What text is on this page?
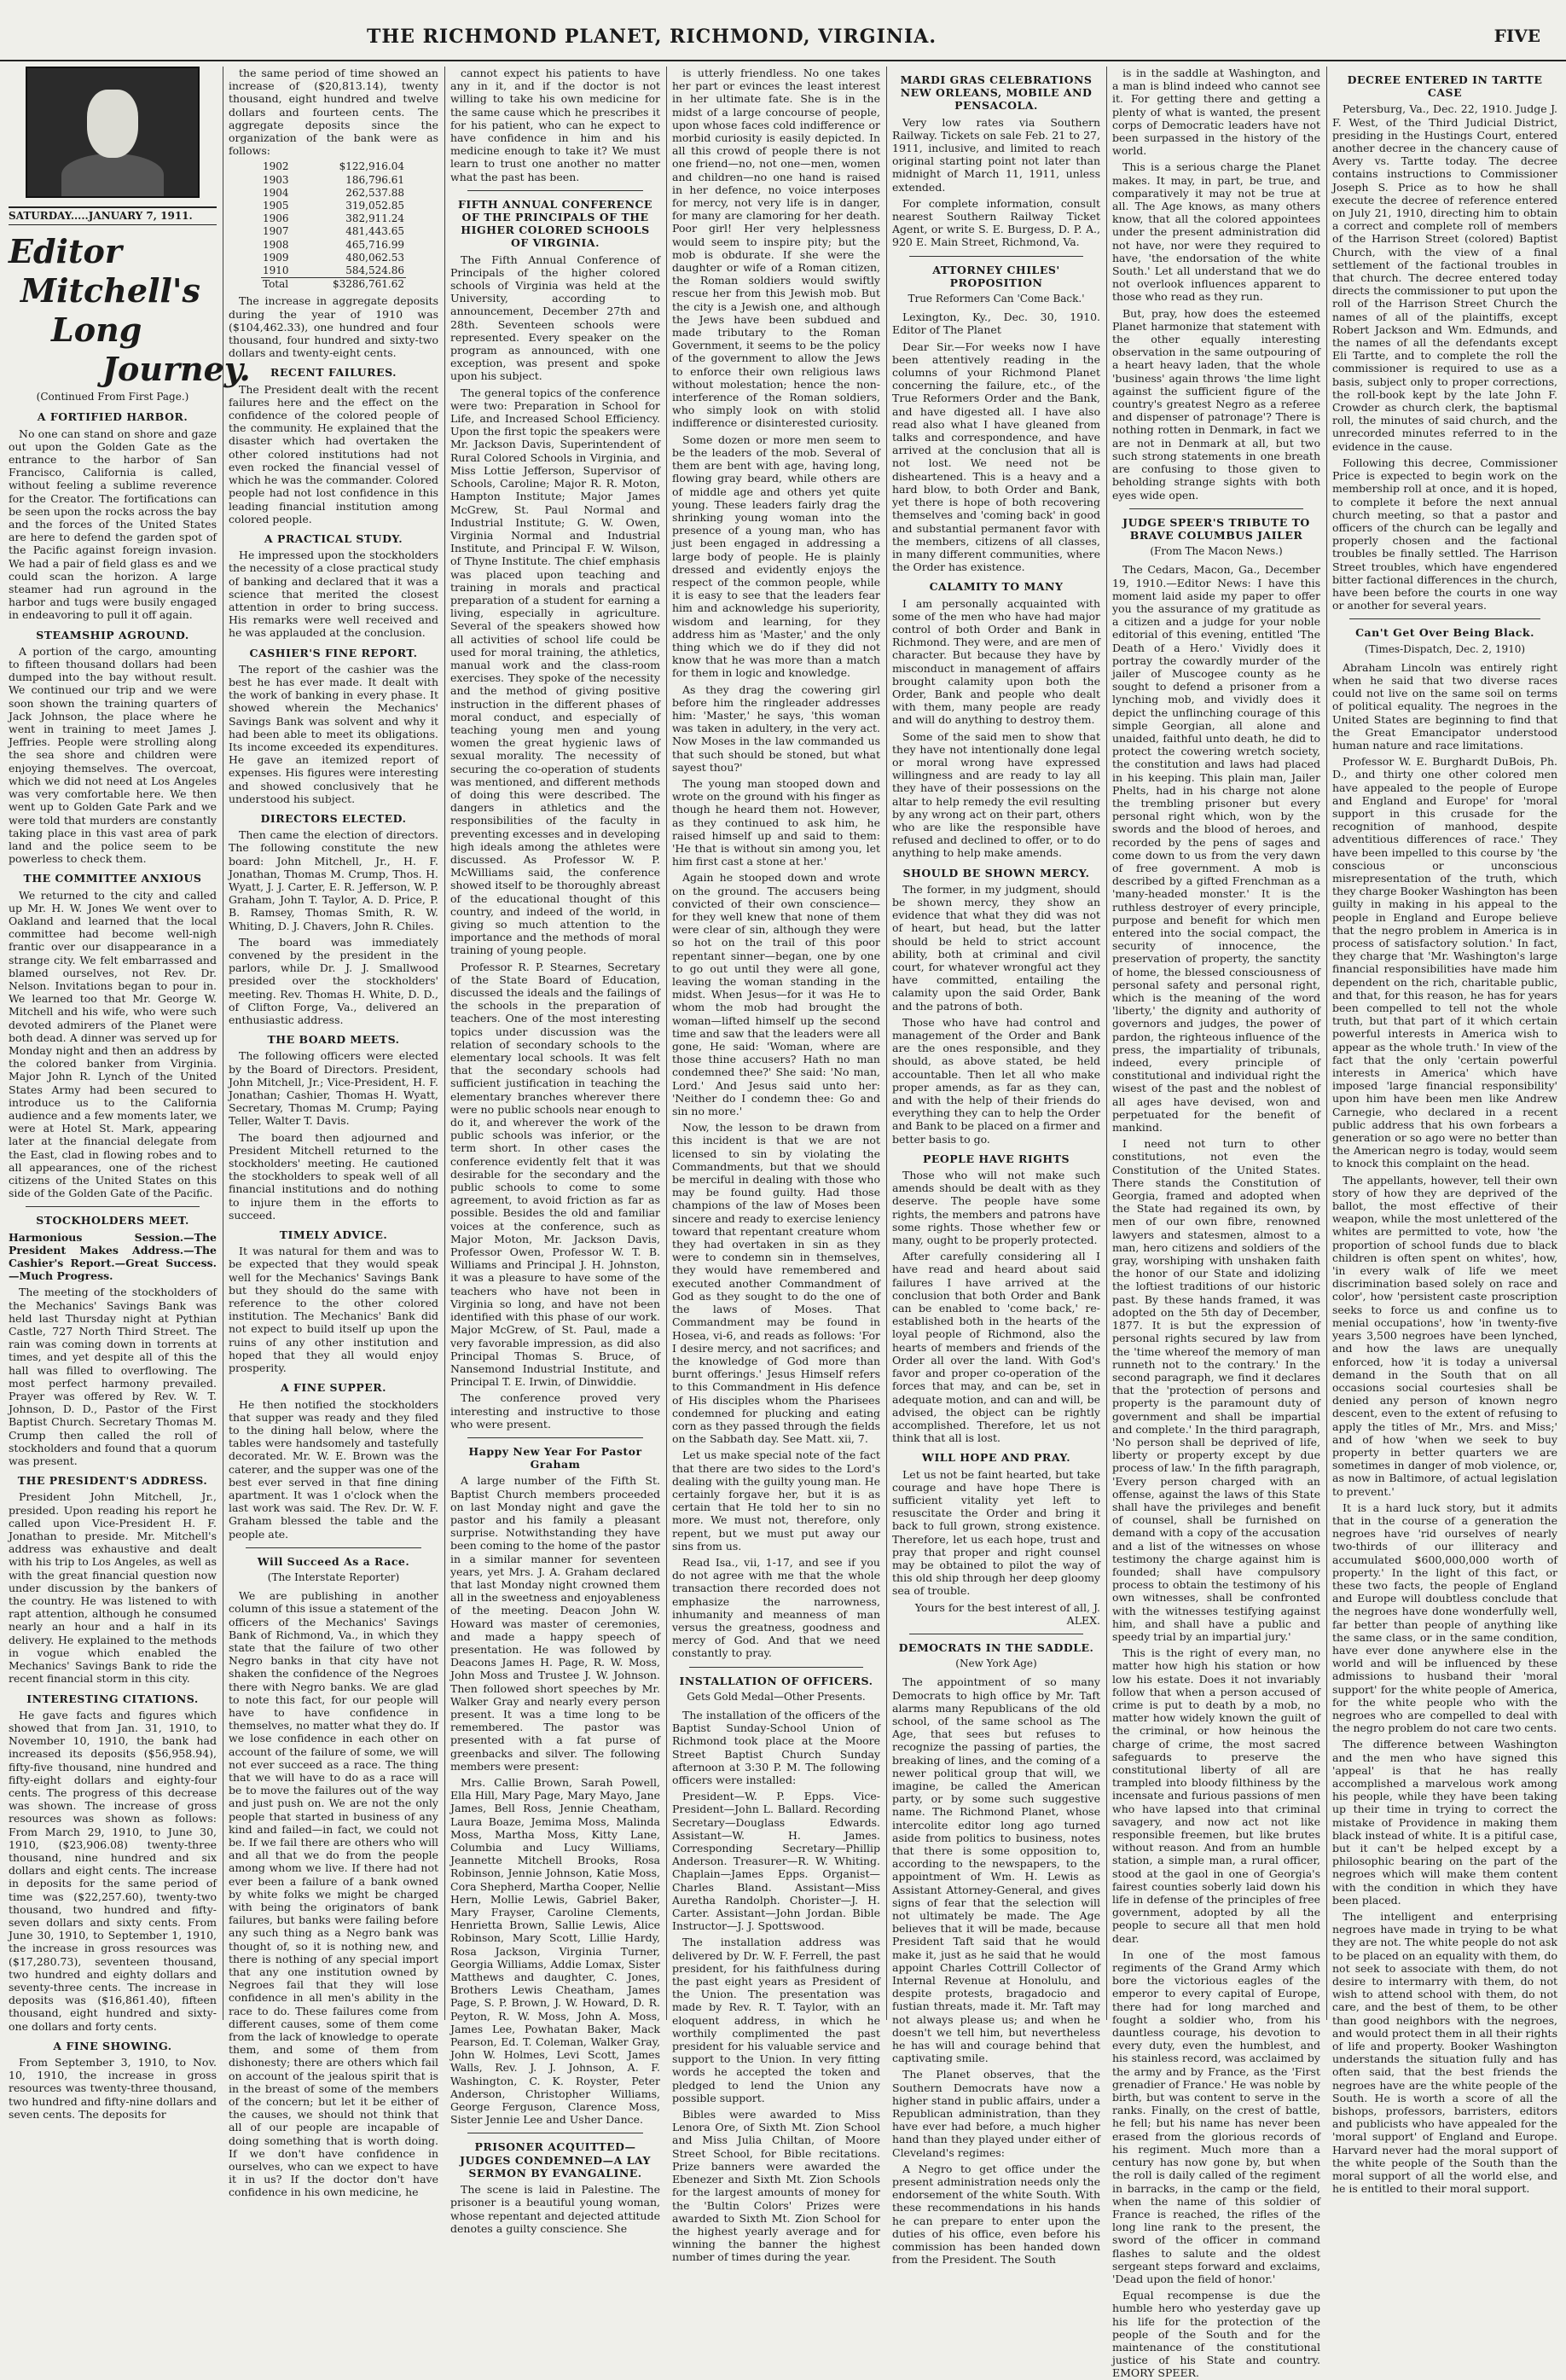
THE RICHMOND PLANET, RICHMOND, VIRGINIA.	FIVE
SATURDAY.....JANUARY 7, 1911.
Editor
Mitchell's
Long
Journey.
(Continued From First Page.)
A FORTIFIED HARBOR.

No one can stand on shore and gaze out upon the Golden Gate as the entrance to the harbor of San Francisco, California is called, without feeling a sublime reverence for the Creator. The fortifications can be seen upon the rocks across the bay and the forces of the United States are here to defend the garden spot of the Pacific against foreign invasion. We had a pair of field glass es and we could scan the horizon. A large steamer had run aground in the harbor and tugs were busily engaged in endeavoring to pull it off again.

STEAMSHIP AGROUND.

A portion of the cargo, amounting to fifteen thousand dollars had been dumped into the bay without result. We continued our trip and we were soon shown the training quarters of Jack Johnson, the place where he went in training to meet James J. Jeffries. People were strolling along the sea shore and children were enjoying themselves. The overcoat, which we did not need at Los Angeles was very comfortable here. We then went up to Golden Gate Park and we were told that murders are constantly taking place in this vast area of park land and the police seem to be powerless to check them.

THE COMMITTEE ANXIOUS

We returned to the city and called up Mr. H. W. Jones We went over to Oakland and learned that the local committee had become well-nigh frantic over our disappearance in a strange city. We felt embarrassed and blamed ourselves, not Rev. Dr. Nelson. Invitations began to pour in. We learned too that Mr. George W. Mitchell and his wife, who were such devoted admirers of the Planet were both dead. A dinner was served up for Monday night and then an address by the colored banker from Virginia. Major John R. Lynch of the United States Army had been secured to introduce us to the California audience and a few moments later, we were at Hotel St. Mark, appearing later at the financial delegate from the East, clad in flowing robes and to all appearances, one of the richest citizens of the United States on this side of the Golden Gate of the Pacific.

STOCKHOLDERS MEET.

Harmonious Session.—The President Makes Address.—The Cashier's Report.—Great Success.—Much Progress.

The meeting of the stockholders of the Mechanics' Savings Bank was held last Thursday night at Pythian Castle, 727 North Third Street. The rain was coming down in torrents at times, and yet despite all of this the hall was filled to overflowing. The most perfect harmony prevailed. Prayer was offered by Rev. W. T. Johnson, D. D., Pastor of the First Baptist Church. Secretary Thomas M. Crump then called the roll of stockholders and found that a quorum was present.

THE PRESIDENT'S ADDRESS.

President John Mitchell, Jr., presided. Upon reading his report he called upon Vice-President H. F. Jonathan to preside. Mr. Mitchell's address was exhaustive and dealt with his trip to Los Angeles, as well as with the great financial question now under discussion by the bankers of the country. He was listened to with rapt attention, although he consumed nearly an hour and a half in its delivery. He explained to the methods in vogue which enabled the Mechanics' Savings Bank to ride the recent financial storm in this city.

INTERESTING CITATIONS.

He gave facts and figures which showed that from Jan. 31, 1910, to November 10, 1910, the bank had increased its deposits ($56,958.94), fifty-five thousand, nine hundred and fifty-eight dollars and eighty-four cents. The progress of this decrease was shown. The increase of gross resources was shown as follows: From March 29, 1910, to June 30, 1910, ($23,906.08) twenty-three thousand, nine hundred and six dollars and eight cents. The increase in deposits for the same period of time was ($22,257.60), twenty-two thousand, two hundred and fifty-seven dollars and sixty cents. From June 30, 1910, to September 1, 1910, the increase in gross resources was ($17,280.73), seventeen thousand, two hundred and eighty dollars and seventy-three cents. The increase in deposits was ($16,861.40), fifteen thousand, eight hundred and sixty-one dollars and forty cents.

A FINE SHOWING.

From September 3, 1910, to Nov. 10, 1910, the increase in gross resources was twenty-three thousand, two hundred and fifty-nine dollars and seven cents. The deposits for

the same period of time showed an increase of ($20,813.14), twenty thousand, eight hundred and twelve dollars and fourteen cents. The aggregate deposits since the organization of the bank were as follows:

1902	$122,916.04
1903	186,796.61
1904	262,537.88
1905	319,052.85
1906	382,911.24
1907	481,443.65
1908	465,716.99
1909	480,062.53
1910	584,524.86
Total	$3286,761.62

The increase in aggregate deposits during the year of 1910 was ($104,462.33), one hundred and four thousand, four hundred and sixty-two dollars and twenty-eight cents.

RECENT FAILURES.

The President dealt with the recent failures here and the effect on the confidence of the colored people of the community. He explained that the disaster which had overtaken the other colored institutions had not even rocked the financial vessel of which he was the commander. Colored people had not lost confidence in this leading financial institution among colored people.

A PRACTICAL STUDY.

He impressed upon the stockholders the necessity of a close practical study of banking and declared that it was a science that merited the closest attention in order to bring success. His remarks were well received and he was applauded at the conclusion.

CASHIER'S FINE REPORT.

The report of the cashier was the best he has ever made. It dealt with the work of banking in every phase. It showed wherein the Mechanics' Savings Bank was solvent and why it had been able to meet its obligations. Its income exceeded its expenditures. He gave an itemized report of expenses. His figures were interesting and showed conclusively that he understood his subject.

DIRECTORS ELECTED.

Then came the election of directors. The following constitute the new board: John Mitchell, Jr., H. F. Jonathan, Thomas M. Crump, Thos. H. Wyatt, J. J. Carter, E. R. Jefferson, W. P. Graham, John T. Taylor, A. D. Price, P. B. Ramsey, Thomas Smith, R. W. Whiting, D. J. Chavers, John R. Chiles.

The board was immediately convened by the president in the parlors, while Dr. J. J. Smallwood presided over the stockholders' meeting. Rev. Thomas H. White, D. D., of Clifton Forge, Va., delivered an enthusiastic address.

THE BOARD MEETS.

The following officers were elected by the Board of Directors. President, John Mitchell, Jr.; Vice-President, H. F. Jonathan; Cashier, Thomas H. Wyatt, Secretary, Thomas M. Crump; Paying Teller, Walter T. Davis.

The board then adjourned and President Mitchell returned to the stockholders' meeting. He cautioned the stockholders to speak well of all financial institutions and do nothing to injure them in the efforts to succeed.

TIMELY ADVICE.

It was natural for them and was to be expected that they would speak well for the Mechanics' Savings Bank but they should do the same with reference to the other colored institution. The Mechanics' Bank did not expect to build itself up upon the ruins of any other institution and hoped that they all would enjoy prosperity.

A FINE SUPPER.

He then notified the stockholders that supper was ready and they filed to the dining hall below, where the tables were handsomely and tastefully decorated. Mr. W. E. Brown was the caterer, and the supper was one of the best ever served in that fine dining apartment. It was 1 o'clock when the last work was said. The Rev. Dr. W. F. Graham blessed the table and the people ate.

Will Succeed As a Race.
(The Interstate Reporter)

We are publishing in another column of this issue a statement of the officers of the Mechanics' Savings Bank of Richmond, Va., in which they state that the failure of two other Negro banks in that city have not shaken the confidence of the Negroes there with Negro banks. We are glad to note this fact, for our people will have to have confidence in themselves, no matter what they do. If we lose confidence in each other on account of the failure of some, we will not ever succeed as a race. The thing that we will have to do as a race will be to move the failures out of the way and just push on. We are not the only people that started in business of any kind and failed—in fact, we could not be. If we fail there are others who will and all that we do from the people among whom we live. If there had not ever been a failure of a bank owned by white folks we might be charged with being the originators of bank failures, but banks were failing before any such thing as a Negro bank was thought of, so it is nothing new, and there is nothing of any special import that any one institution owned by Negroes fail that they will lose confidence in all men's ability in the race to do. These failures come from different causes, some of them come from the lack of knowledge to operate them, and some of them from dishonesty; there are others which fail on account of the jealous spirit that is in the breast of some of the members of the concern; but let it be either of the causes, we should not think that all of our people are incapable of doing something that is worth doing. If we don't have confidence in ourselves, who can we expect to have it in us? If the doctor don't have confidence in his own medicine, he

cannot expect his patients to have any in it, and if the doctor is not willing to take his own medicine for the same cause which he prescribes it for his patient, who can he expect to have confidence in him and his medicine enough to take it? We must learn to trust one another no matter what the past has been.

FIFTH ANNUAL CONFERENCE OF THE PRINCIPALS OF THE HIGHER COLORED SCHOOLS OF VIRGINIA.

The Fifth Annual Conference of Principals of the higher colored schools of Virginia was held at the University, according to announcement, December 27th and 28th. Seventeen schools were represented. Every speaker on the program as announced, with one exception, was present and spoke upon his subject.

The general topics of the conference were two: Preparation in School for Life, and Increased School Efficiency. Upon the first topic the speakers were Mr. Jackson Davis, Superintendent of Rural Colored Schools in Virginia, and Miss Lottie Jefferson, Supervisor of Schools, Caroline; Major R. R. Moton, Hampton Institute; Major James McGrew, St. Paul Normal and Industrial Institute; G. W. Owen, Virginia Normal and Industrial Institute, and Principal F. W. Wilson, of Thyne Institute. The chief emphasis was placed upon teaching and training in morals and practical preparation of a student for earning a living, especially in agriculture. Several of the speakers showed how all activities of school life could be used for moral training, the athletics, manual work and the class-room exercises. They spoke of the necessity and the method of giving positive instruction in the different phases of moral conduct, and especially of teaching young men and young women the great hygienic laws of sexual morality. The necessity of securing the co-operation of students was mentioned, and different methods of doing this were described. The dangers in athletics and the responsibilities of the faculty in preventing excesses and in developing high ideals among the athletes were discussed. As Professor W. P. McWilliams said, the conference showed itself to be thoroughly abreast of the educational thought of this country, and indeed of the world, in giving so much attention to the importance and the methods of moral training of young people.

Professor R. P. Stearnes, Secretary of the State Board of Education, discussed the ideals and the failings of the schools in the preparation of teachers. One of the most interesting topics under discussion was the relation of secondary schools to the elementary local schools. It was felt that the secondary schools had sufficient justification in teaching the elementary branches wherever there were no public schools near enough to do it, and wherever the work of the public schools was inferior, or the term short. In other cases the conference evidently felt that it was desirable for the secondary and the public schools to come to some agreement, to avoid friction as far as possible. Besides the old and familiar voices at the conference, such as Major Moton, Mr. Jackson Davis, Professor Owen, Professor W. T. B. Williams and Principal J. H. Johnston, it was a pleasure to have some of the teachers who have not been in Virginia so long, and have not been identified with this phase of our work. Major McGrew, of St. Paul, made a very favorable impression, as did also Principal Thomas S. Bruce, of Nansemond Industrial Institute, and Principal T. E. Irwin, of Dinwiddie.

The conference proved very interesting and instructive to those who were present.

Happy New Year For Pastor Graham

A large number of the Fifth St. Baptist Church members proceeded on last Monday night and gave the pastor and his family a pleasant surprise. Notwithstanding they have been coming to the home of the pastor in a similar manner for seventeen years, yet Mrs. J. A. Graham declared that last Monday night crowned them all in the sweetness and enjoyableness of the meeting. Deacon John W. Howard was master of ceremonies, and made a happy speech of presentation. He was followed by Deacons James H. Page, R. W. Moss, John Moss and Trustee J. W. Johnson. Then followed short speeches by Mr. Walker Gray and nearly every person present. It was a time long to be remembered. The pastor was presented with a fat purse of greenbacks and silver. The following members were present:

Mrs. Callie Brown, Sarah Powell, Ella Hill, Mary Page, Mary Mayo, Jane James, Bell Ross, Jennie Cheatham, Laura Boaze, Jemima Moss, Malinda Moss, Martha Moss, Kitty Lane, Columbia and Lucy Williams, Jeannette Mitchell Brooks, Rosa Robinson, Jennie Johnson, Katie Moss, Cora Shepherd, Martha Cooper, Nellie Hern, Mollie Lewis, Gabriel Baker, Mary Frayser, Caroline Clements, Henrietta Brown, Sallie Lewis, Alice Robinson, Mary Scott, Lillie Hardy, Rosa Jackson, Virginia Turner, Georgia Williams, Addie Lomax, Sister Matthews and daughter, C. Jones, Brothers Lewis Cheatham, James Page, S. P. Brown, J. W. Howard, D. R. Peyton, R. W. Moss, John A. Moss, James Lee, Powhatan Baker, Mack Pearson, Ed. T. Coleman, Walker Gray, John W. Holmes, Levi Scott, James Walls, Rev. J. J. Johnson, A. F. Washington, C. K. Royster, Peter Anderson, Christopher Williams, George Ferguson, Clarence Moss, Sister Jennie Lee and Usher Dance.

PRISONER ACQUITTED—JUDGES CONDEMNED—A LAY SERMON BY EVANGALINE.

The scene is laid in Palestine. The prisoner is a beautiful young woman, whose repentant and dejected attitude denotes a guilty conscience. She

is utterly friendless. No one takes her part or evinces the least interest in her ultimate fate. She is in the midst of a large concourse of people, upon whose faces cold indifference or morbid curiosity is easily depicted. In all this crowd of people there is not one friend—no, not one—men, women and children—no one hand is raised in her defence, no voice interposes for mercy, not very life is in danger, for many are clamoring for her death. Poor girl! Her very helplessness would seem to inspire pity; but the mob is obdurate. If she were the daughter or wife of a Roman citizen, the Roman soldiers would swiftly rescue her from this Jewish mob. But the city is a Jewish one, and although the Jews have been subdued and made tributary to the Roman Government, it seems to be the policy of the government to allow the Jews to enforce their own religious laws without molestation; hence the non-interference of the Roman soldiers, who simply look on with stolid indifference or disinterested curiosity.

Some dozen or more men seem to be the leaders of the mob. Several of them are bent with age, having long, flowing gray beard, while others are of middle age and others yet quite young. These leaders fairly drag the shrinking young woman into the presence of a young man, who has just been engaged in addressing a large body of people. He is plainly dressed and evidently enjoys the respect of the common people, while it is easy to see that the leaders fear him and acknowledge his superiority, wisdom and learning, for they address him as 'Master,' and the only thing which we do if they did not know that he was more than a match for them in logic and knowledge.

As they drag the cowering girl before him the ringleader addresses him: 'Master,' he says, 'this woman was taken in adultery, in the very act. Now Moses in the law commanded us that such should be stoned, but what sayest thou?'

The young man stooped down and wrote on the ground with his finger as though he heard them not. However, as they continued to ask him, he raised himself up and said to them: 'He that is without sin among you, let him first cast a stone at her.'

Again he stooped down and wrote on the ground. The accusers being convicted of their own conscience—for they well knew that none of them were clear of sin, although they were so hot on the trail of this poor repentant sinner—began, one by one to go out until they were all gone, leaving the woman standing in the midst. When Jesus—for it was He to whom the mob had brought the woman—lifted himself up the second time and saw that the leaders were all gone, He said: 'Woman, where are those thine accusers? Hath no man condemned thee?' She said: 'No man, Lord.' And Jesus said unto her: 'Neither do I condemn thee: Go and sin no more.'

Now, the lesson to be drawn from this incident is that we are not licensed to sin by violating the Commandments, but that we should be merciful in dealing with those who may be found guilty. Had those champions of the law of Moses been sincere and ready to exercise leniency toward that repentant creature whom they had overtaken in sin as they were to condemn sin in themselves, they would have remembered and executed another Commandment of God as they sought to do the one of the laws of Moses. That Commandment may be found in Hosea, vi-6, and reads as follows: 'For I desire mercy, and not sacrifices; and the knowledge of God more than burnt offerings.' Jesus Himself refers to this Commandment in His defence of His disciples whom the Pharisees condemned for plucking and eating corn as they passed through the fields on the Sabbath day. See Matt. xii, 7.

Let us make special note of the fact that there are two sides to the Lord's dealing with the guilty young man. He certainly forgave her, but it is as certain that He told her to sin no more. We must not, therefore, only repent, but we must put away our sins from us.

Read Isa., vii, 1-17, and see if you do not agree with me that the whole transaction there recorded does not emphasize the narrowness, inhumanity and meanness of man versus the greatness, goodness and mercy of God. And that we need constantly to pray.

INSTALLATION OF OFFICERS.
Gets Gold Medal—Other Presents.

The installation of the officers of the Baptist Sunday-School Union of Richmond took place at the Moore Street Baptist Church Sunday afternoon at 3:30 P. M. The following officers were installed:

President—W. P. Epps. Vice-President—John L. Ballard. Recording Secretary—Douglass Edwards. Assistant—W. H. James. Corresponding Secretary—Phillip Anderson. Treasurer—R. W. Whiting. Chaplain—James Epps. Organist—Charles Bland. Assistant—Miss Auretha Randolph. Chorister—J. H. Carter. Assistant—John Jordan. Bible Instructor—J. J. Spottswood.

The installation address was delivered by Dr. W. F. Ferrell, the past president, for his faithfulness during the past eight years as President of the Union. The presentation was made by Rev. R. T. Taylor, with an eloquent address, in which he worthily complimented the past president for his valuable service and support to the Union. In very fitting words he accepted the token and pledged to lend the Union any possible support.

Bibles were awarded to Miss Lenora Ore, of Sixth Mt. Zion School and Miss Julia Chiltan, of Moore Street School, for Bible recitations. Prize banners were awarded the Ebenezer and Sixth Mt. Zion Schools for the largest amounts of money for the 'Bultin Colors' Prizes were awarded to Sixth Mt. Zion School for the highest yearly average and for winning the banner the highest number of times during the year.

MARDI GRAS CELEBRATIONS NEW ORLEANS, MOBILE AND PENSACOLA.

Very low rates via Southern Railway. Tickets on sale Feb. 21 to 27, 1911, inclusive, and limited to reach original starting point not later than midnight of March 11, 1911, unless extended.

For complete information, consult nearest Southern Railway Ticket Agent, or write S. E. Burgess, D. P. A., 920 E. Main Street, Richmond, Va.

ATTORNEY CHILES' PROPOSITION
True Reformers Can 'Come Back.'

Lexington, Ky., Dec. 30, 1910. Editor of The Planet

Dear Sir.—For weeks now I have been attentively reading in the columns of your Richmond Planet concerning the failure, etc., of the True Reformers Order and the Bank, and have digested all. I have also read also what I have gleaned from talks and correspondence, and have arrived at the conclusion that all is not lost. We need not be disheartened. This is a heavy and a hard blow, to both Order and Bank, yet there is hope of both recovering themselves and 'coming back' in good and substantial permanent favor with the members, citizens of all classes, in many different communities, where the Order has existence.

CALAMITY TO MANY

I am personally acquainted with some of the men who have had major control of both Order and Bank in Richmond. They were, and are men of character. But because they have by misconduct in management of affairs brought calamity upon both the Order, Bank and people who dealt with them, many people are ready and will do anything to destroy them.

Some of the said men to show that they have not intentionally done legal or moral wrong have expressed willingness and are ready to lay all they have of their possessions on the altar to help remedy the evil resulting by any wrong act on their part, others who are like the responsible have refused and declined to offer, or to do anything to help make amends.

SHOULD BE SHOWN MERCY.

The former, in my judgment, should be shown mercy, they show an evidence that what they did was not of heart, but head, but the latter should be held to strict account ability, both at criminal and civil court, for whatever wrongful act they have committed, entailing the calamity upon the said Order, Bank and the patrons of both.

Those who have had control and management of the Order and Bank are the ones responsible, and they should, as above stated, be held accountable. Then let all who make proper amends, as far as they can, and with the help of their friends do everything they can to help the Order and Bank to be placed on a firmer and better basis to go.

PEOPLE HAVE RIGHTS

Those who will not make such amends should be dealt with as they deserve. The people have some rights, the members and patrons have some rights. Those whether few or many, ought to be properly protected.

After carefully considering all I have read and heard about said failures I have arrived at the conclusion that both Order and Bank can be enabled to 'come back,' re-established both in the hearts of the loyal people of Richmond, also the hearts of members and friends of the Order all over the land. With God's favor and proper co-operation of the forces that may, and can be, set in adequate motion, and can and will, be advised, the object can be rightly accomplished. Therefore, let us not think that all is lost.

WILL HOPE AND PRAY.

Let us not be faint hearted, but take courage and have hope There is sufficient vitality yet left to resuscitate the Order and bring it back to full grown, strong existence. Therefore, let us each hope, trust and pray that proper and right counsel may be obtained to pilot the way of this old ship through her deep gloomy sea of trouble.

Yours for the best interest of all, J. ALEX.

DEMOCRATS IN THE SADDLE.
(New York Age)

The appointment of so many Democrats to high office by Mr. Taft alarms many Republicans of the old school, of the same school as The Age, that sees but refuses to recognize the passing of parties, the breaking of lines, and the coming of a newer political group that will, we imagine, be called the American party, or by some such suggestive name. The Richmond Planet, whose intercolite editor long ago turned aside from politics to business, notes that there is some opposition to, according to the newspapers, to the appointment of Wm. H. Lewis as Assistant Attorney-General, and gives signs of fear that the selection will not ultimately be made. The Age believes that it will be made, because President Taft said that he would make it, just as he said that he would appoint Charles Cottrill Collector of Internal Revenue at Honolulu, and despite protests, bragadocio and fustian threats, made it. Mr. Taft may not always please us; and when he doesn't we tell him, but nevertheless he has will and courage behind that captivating smile.

The Planet observes, that the Southern Democrats have now a higher stand in public affairs, under a Republican administration, than they have ever had before, a much higher hand than they played under either of Cleveland's regimes:

A Negro to get office under the present administration needs only the endorsement of the white South. With these recommendations in his hands he can prepare to enter upon the duties of his office, even before his commission has been handed down from the President. The South

is in the saddle at Washington, and a man is blind indeed who cannot see it. For getting there and getting a plenty of what is wanted, the present corps of Democratic leaders have not been surpassed in the history of the world.

This is a serious charge the Planet makes. It may, in part, be true, and comparatively it may not be true at all. The Age knows, as many others know, that all the colored appointees under the present administration did not have, nor were they required to have, 'the endorsation of the white South.' Let all understand that we do not overlook influences apparent to those who read as they run.

But, pray, how does the esteemed Planet harmonize that statement with the other equally interesting observation in the same outpouring of a heart heavy laden, that the whole 'business' again throws 'the lime light against the sufficient figure of the country's greatest Negro as a referee and dispenser of patronage'? There is nothing rotten in Denmark, in fact we are not in Denmark at all, but two such strong statements in one breath are confusing to those given to beholding strange sights with both eyes wide open.

JUDGE SPEER'S TRIBUTE TO BRAVE COLUMBUS JAILER
(From The Macon News.)

The Cedars, Macon, Ga., December 19, 1910.—Editor News: I have this moment laid aside my paper to offer you the assurance of my gratitude as a citizen and a judge for your noble editorial of this evening, entitled 'The Death of a Hero.' Vividly does it portray the cowardly murder of the jailer of Muscogee county as he sought to defend a prisoner from a lynching mob, and vividly does it depict the unflinching courage of this simple Georgian, all alone and unaided, faithful unto death, he did to protect the cowering wretch society, the constitution and laws had placed in his keeping. This plain man, Jailer Phelts, had in his charge not alone the trembling prisoner but every personal right which, won by the swords and the blood of heroes, and recorded by the pens of sages and come down to us from the very dawn of free government. A mob is described by a gifted Frenchman as a 'many-headed monster.' It is the ruthless destroyer of every principle, purpose and benefit for which men entered into the social compact, the security of innocence, the preservation of property, the sanctity of home, the blessed consciousness of personal safety and personal right, which is the meaning of the word 'liberty,' the dignity and authority of governors and judges, the power of pardon, the righteous influence of the press, the impartiality of tribunals, indeed, every principle of constitutional and individual right the wisest of the past and the noblest of all ages have devised, won and perpetuated for the benefit of mankind.

I need not turn to other constitutions, not even the Constitution of the United States. There stands the Constitution of Georgia, framed and adopted when the State had regained its own, by men of our own fibre, renowned lawyers and statesmen, almost to a man, hero citizens and soldiers of the gray, worshiping with unshaken faith the honor of our State and idolizing the loftiest traditions of our historic past. By these hands framed, it was adopted on the 5th day of December, 1877. It is but the expression of personal rights secured by law from the 'time whereof the memory of man runneth not to the contrary.' In the second paragraph, we find it declares that the 'protection of persons and property is the paramount duty of government and shall be impartial and complete.' In the third paragraph, 'No person shall be deprived of life, liberty or property except by due process of law.' In the fifth paragraph, 'Every person charged with an offense, against the laws of this State shall have the privileges and benefit of counsel, shall be furnished on demand with a copy of the accusation and a list of the witnesses on whose testimony the charge against him is founded; shall have compulsory process to obtain the testimony of his own witnesses, shall be confronted with the witnesses testifying against him, and shall have a public and speedy trial by an impartial jury.'

This is the right of every man, no matter how high his station or how low his estate. Does it not invariably follow that when a person accused of crime is put to death by a mob, no matter how widely known the guilt of the criminal, or how heinous the charge of crime, the most sacred safeguards to preserve the constitutional liberty of all are trampled into bloody filthiness by the incensate and furious passions of men who have lapsed into that criminal savagery, and now act not like responsible freemen, but like brutes without reason. And from an humble station, a simple man, a rural officer, stood at the gaol in one of Georgia's fairest counties soberly laid down his life in defense of the principles of free government, adopted by all the people to secure all that men hold dear.

In one of the most famous regiments of the Grand Army which bore the victorious eagles of the emperor to every capital of Europe, there had for long marched and fought a soldier who, from his dauntless courage, his devotion to every duty, even the humblest, and his stainless record, was acclaimed by the army and by France, as the 'First grenadier of France.' He was noble by birth, but was content to serve in the ranks. Finally, on the crest of battle, he fell; but his name has never been erased from the glorious records of his regiment. Much more than a century has now gone by, but when the roll is daily called of the regiment in barracks, in the camp or the field, when the name of this soldier of France is reached, the rifles of the long line rank to the present, the sword of the officer in command flashes to salute and the oldest sergeant steps forward and exclaims, 'Dead upon the field of honor.'

Equal recompense is due the humble hero who yesterday gave up his life for the protection of the people of the South and for the maintenance of the constitutional justice of his State and country. EMORY SPEER.

DECREE ENTERED IN TARTTE CASE

Petersburg, Va., Dec. 22, 1910. Judge J. F. West, of the Third Judicial District, presiding in the Hustings Court, entered another decree in the chancery cause of Avery vs. Tartte today. The decree contains instructions to Commissioner Joseph S. Price as to how he shall execute the decree of reference entered on July 21, 1910, directing him to obtain a correct and complete roll of members of the Harrison Street (colored) Baptist Church, with the view of a final settlement of the factional troubles in that church. The decree entered today directs the commissioner to put upon the roll of the Harrison Street Church the names of all of the plaintiffs, except Robert Jackson and Wm. Edmunds, and the names of all the defendants except Eli Tartte, and to complete the roll the commissioner is required to use as a basis, subject only to proper corrections, the roll-book kept by the late John F. Crowder as church clerk, the baptismal roll, the minutes of said church, and the unrecorded minutes referred to in the evidence in the cause.

Following this decree, Commissioner Price is expected to begin work on the membership roll at once, and it is hoped, to complete it before the next annual church meeting, so that a pastor and officers of the church can be legally and properly chosen and the factional troubles be finally settled. The Harrison Street troubles, which have engendered bitter factional differences in the church, have been before the courts in one way or another for several years.

Can't Get Over Being Black.
(Times-Dispatch, Dec. 2, 1910)

Abraham Lincoln was entirely right when he said that two diverse races could not live on the same soil on terms of political equality. The negroes in the United States are beginning to find that the Great Emancipator understood human nature and race limitations.

Professor W. E. Burghardt DuBois, Ph. D., and thirty one other colored men have appealed to the people of Europe and England and Europe' for 'moral support in this crusade for the recognition of manhood, despite adventitious differences of race.' They have been impelled to this course by 'the conscious or unconscious misrepresentation of the truth, which they charge Booker Washington has been guilty in making in his appeal to the people in England and Europe believe that the negro problem in America is in process of satisfactory solution.' In fact, they charge that 'Mr. Washington's large financial responsibilities have made him dependent on the rich, charitable public, and that, for this reason, he has for years been compelled to tell not the whole truth, but that part of it which certain powerful interests in America wish to appear as the whole truth.' In view of the fact that the only 'certain powerful interests in America' which have imposed 'large financial responsibility' upon him have been men like Andrew Carnegie, who declared in a recent public address that his own forbears a generation or so ago were no better than the American negro is today, would seem to knock this complaint on the head.

The appellants, however, tell their own story of how they are deprived of the ballot, the most effective of their weapon, while the most unlettered of the whites are permitted to vote, how 'the proportion of school funds due to black children is often spent on whites', how, 'in every walk of life we meet discrimination based solely on race and color', how 'persistent caste proscription seeks to force us and confine us to menial occupations', how 'in twenty-five years 3,500 negroes have been lynched, and how the laws are unequally enforced, how 'it is today a universal demand in the South that on all occasions social courtesies shall be denied any person of known negro descent, even to the extent of refusing to apply the titles of Mr., Mrs. and Miss;' and of how 'when we seek to buy property in better quarters we are sometimes in danger of mob violence, or, as now in Baltimore, of actual legislation to prevent.'

It is a hard luck story, but it admits that in the course of a generation the negroes have 'rid ourselves of nearly two-thirds of our illiteracy and accumulated $600,000,000 worth of property.' In the light of this fact, or these two facts, the people of England and Europe will doubtless conclude that the negroes have done wonderfully well, far better than people of anything like the same class, or in the same condition, have ever done anywhere else in the world and will be influenced by these admissions to husband their 'moral support' for the white people of America, for the white people who with the negroes who are compelled to deal with the negro problem do not care two cents.

The difference between Washington and the men who have signed this 'appeal' is that he has really accomplished a marvelous work among his people, while they have been taking up their time in trying to correct the mistake of Providence in making them black instead of white. It is a pitiful case, but it can't be helped except by a philosophic bearing on the part of the negroes which will make them content with the condition in which they have been placed.

The intelligent and enterprising negroes have made in trying to be what they are not. The white people do not ask to be placed on an equality with them, do not seek to associate with them, do not desire to intermarry with them, do not wish to attend school with them, do not care, and the best of them, to be other than good neighbors with the negroes, and would protect them in all their rights of life and property. Booker Washington understands the situation fully and has often said, that the best friends the negroes have are the white people of the South. He is worth a score of all the bishops, professors, barristers, editors and publicists who have appealed for the 'moral support' of England and Europe. Harvard never had the moral support of the white people of the South than the moral support of all the world else, and he is entitled to their moral support.
